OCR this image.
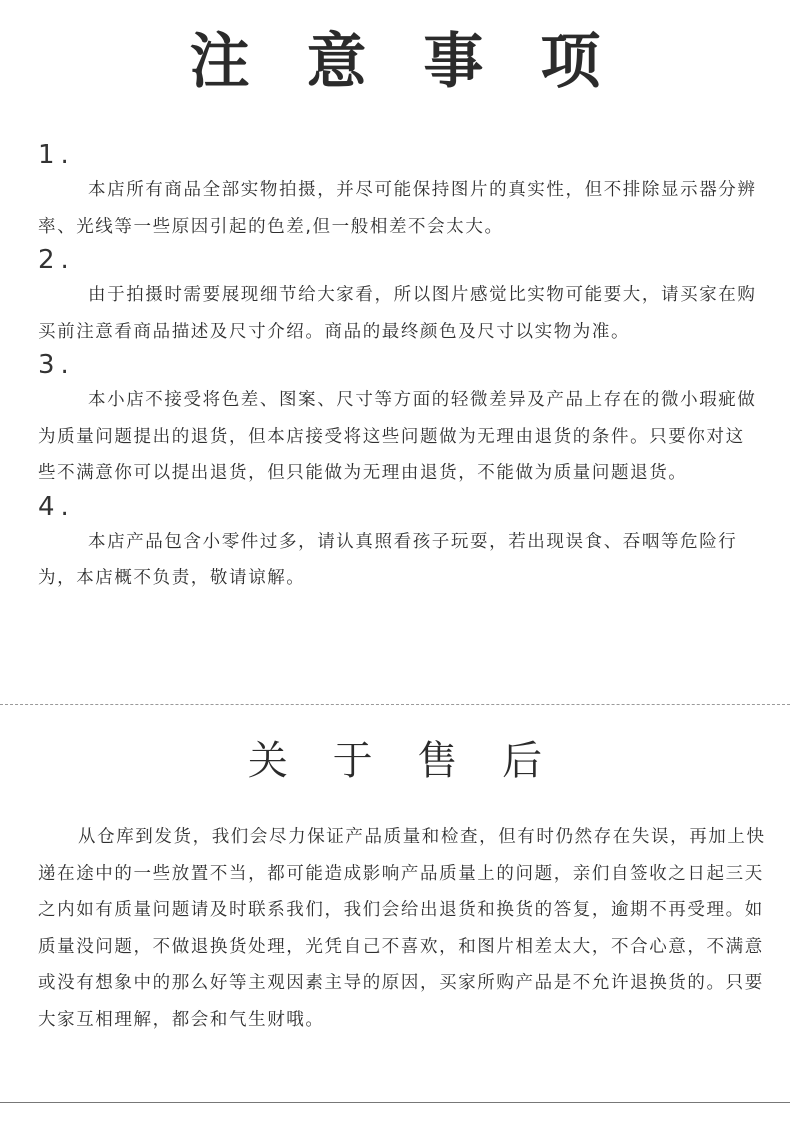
注 意 事 项
1.

本店所有商品全部实物拍摄，并尽可能保持图片的真实性，但不排除显示器分辨率、光线等一些原因引起的色差,但一般相差不会太大。

2.

由于拍摄时需要展现细节给大家看，所以图片感觉比实物可能要大，请买家在购买前注意看商品描述及尺寸介绍。商品的最终颜色及尺寸以实物为准。

3.

本小店不接受将色差、图案、尺寸等方面的轻微差异及产品上存在的微小瑕疵做为质量问题提出的退货，但本店接受将这些问题做为无理由退货的条件。只要你对这些不满意你可以提出退货，但只能做为无理由退货，不能做为质量问题退货。

4.

本店产品包含小零件过多，请认真照看孩子玩耍，若出现误食、吞咽等危险行为，本店概不负责，敬请谅解。

关 于 售 后

从仓库到发货，我们会尽力保证产品质量和检查，但有时仍然存在失误，再加上快递在途中的一些放置不当，都可能造成影响产品质量上的问题，亲们自签收之日起三天之内如有质量问题请及时联系我们，我们会给出退货和换货的答复，逾期不再受理。如质量没问题，不做退换货处理，光凭自己不喜欢，和图片相差太大，不合心意，不满意或没有想象中的那么好等主观因素主导的原因，买家所购产品是不允许退换货的。只要大家互相理解，都会和气生财哦。
